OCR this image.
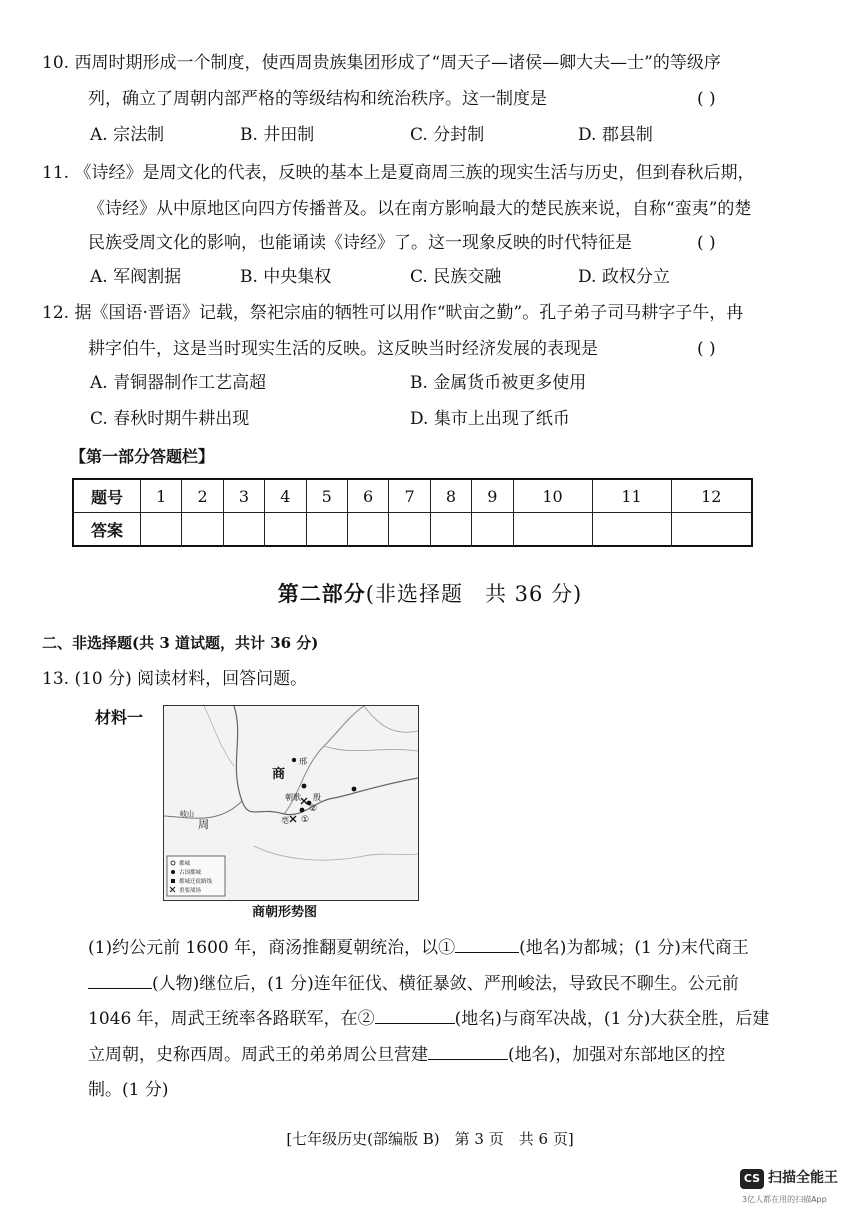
10. 西周时期形成一个制度，使西周贵族集团形成了“周天子—诸侯—卿大夫—士”的等级序
列，确立了周朝内部严格的等级结构和统治秩序。这一制度是	( )
A. 宗法制	B. 井田制	C. 分封制	D. 郡县制
11. 《诗经》是周文化的代表，反映的基本上是夏商周三族的现实生活与历史，但到春秋后期，
《诗经》从中原地区向四方传播普及。以在南方影响最大的楚民族来说，自称“蛮夷”的楚
民族受周文化的影响，也能诵读《诗经》了。这一现象反映的时代特征是	( )
A. 军阀割据	B. 中央集权	C. 民族交融	D. 政权分立
12. 据《国语·晋语》记载，祭祀宗庙的牺牲可以用作“畎亩之勤”。孔子弟子司马耕字子牛，冉
耕字伯牛，这是当时现实生活的反映。这反映当时经济发展的表现是	( )
A. 青铜器制作工艺高超	B. 金属货币被更多使用
C. 春秋时期牛耕出现	D. 集市上出现了纸币
【第一部分答题栏】
题号	1	2	3	4	5	6	7	8	9	10	11	12
答案												
第二部分(非选择题　共 36 分)
二、非选择题(共 3 道试题，共计 36 分)
13. (10 分) 阅读材料，回答问题。
材料一
商
邢
朝歌 殷
②
①
亳
岐山
周
都城
古国都城
都城迁徙路线
重要战场
商朝形势图
(1)约公元前 1600 年，商汤推翻夏朝统治，以①	(地名)为都城；(1 分)末代商王
(人物)继位后，(1 分)连年征伐、横征暴敛、严刑峻法，导致民不聊生。公元前
1046 年，周武王统率各路联军，在②	(地名)与商军决战，(1 分)大获全胜，后建
立周朝，史称西周。周武王的弟弟周公旦营建	(地名)，加强对东部地区的控
制。(1 分)
[七年级历史(部编版 B)　第 3 页　共 6 页]
CS 扫描全能王
3亿人都在用的扫描App
